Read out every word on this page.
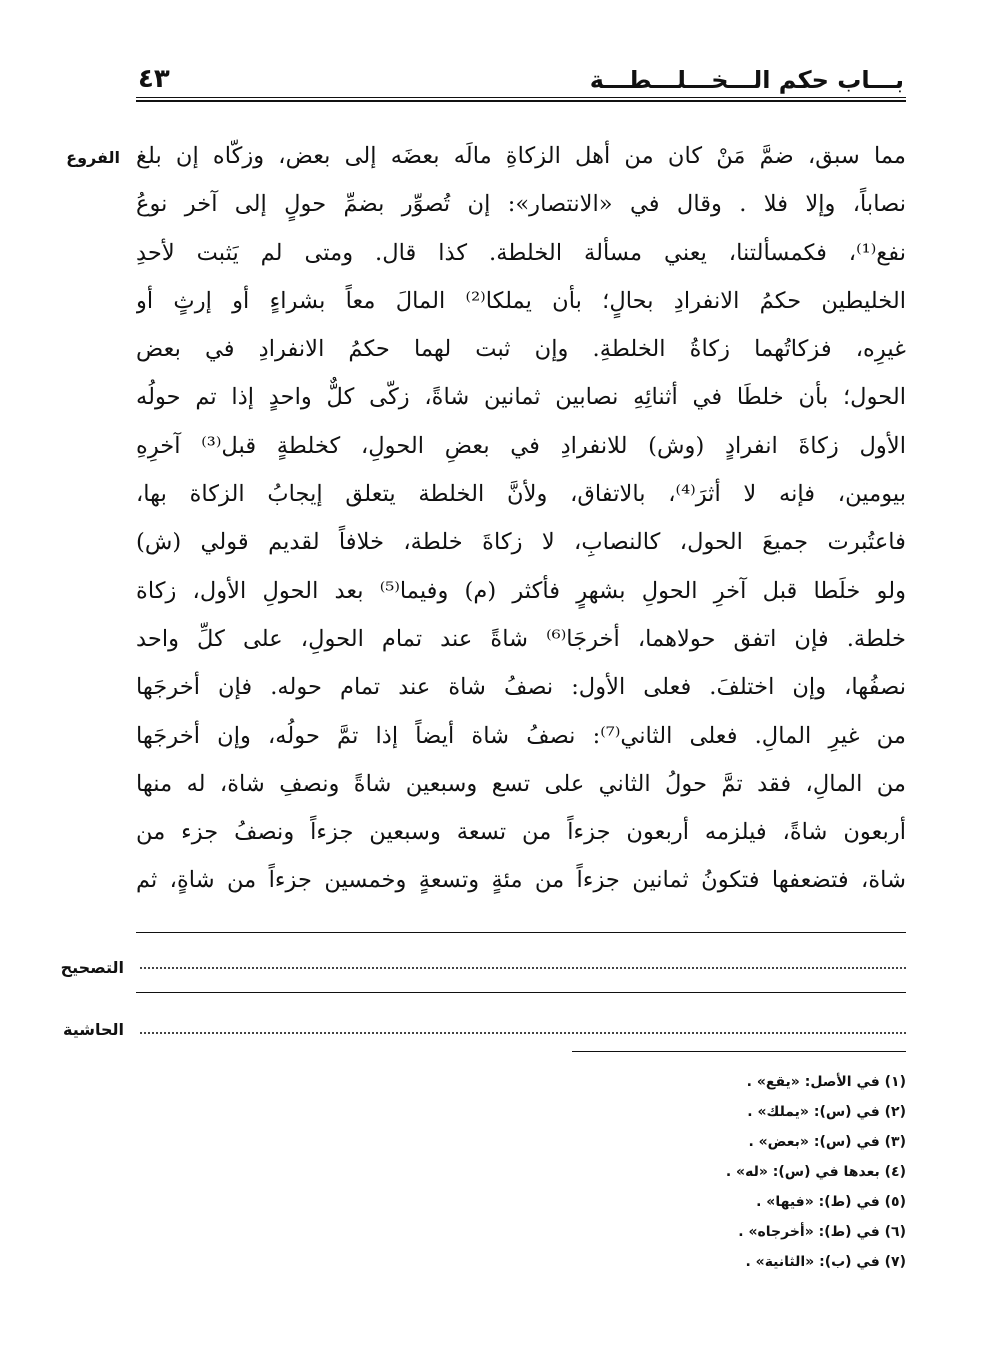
بـــاب حكم الـــخـــلـــطـــة
٤٣
الفروع مما سبق، ضمَّ مَنْ كان من أهل الزكاةِ مالَه بعضَه إلى بعض، وزكّاه إن بلغ
نصاباً، وإلا فلا . وقال في «الانتصار»: إن تُصوِّر بضمِّ حولٍ إلى آخر نوعُ
نفع⁽¹⁾، فكمسألتنا، يعني مسألة الخلطة. كذا قال. ومتى لم يَثبت لأحدِ
الخليطين حكمُ الانفرادِ بحالٍ؛ بأن يملكا⁽²⁾ المالَ معاً بشراءٍ أو إرثٍ أو
غيرِه، فزكاتُهما زكاةُ الخلطةِ. وإن ثبت لهما حكمُ الانفرادِ في بعض
الحول؛ بأن خلطَا في أثنائِهِ نصابين ثمانين شاةً، زكّى كلٌّ واحدٍ إذا تم حولُه
الأول زكاةَ انفرادٍ (وش) للانفرادِ في بعضِ الحولِ، كخلطةٍ قبل⁽³⁾ آخرِهِ
بيومين، فإنه لا أثرَ⁽⁴⁾، بالاتفاق، ولأنَّ الخلطة يتعلق إيجابُ الزكاة بها،
فاعتُبرت جميعَ الحول، كالنصابِ، لا زكاةَ خلطة، خلافاً لقديم قولي (ش)
ولو خلَطا قبل آخرِ الحولِ بشهرٍ فأكثر (م) وفيما⁽⁵⁾ بعد الحولِ الأول، زكاة
خلطة. فإن اتفق حولاهما، أخرجَا⁽⁶⁾ شاةً عند تمام الحولِ، على كلِّ واحد
نصفُها، وإن اختلفَ. فعلى الأول: نصفُ شاة عند تمام حوله. فإن أخرجَها
من غيرِ المالِ. فعلى الثاني⁽⁷⁾: نصفُ شاة أيضاً إذا تمَّ حولُه، وإن أخرجَها
من المالِ، فقد تمَّ حولُ الثاني على تسع وسبعين شاةً ونصفِ شاة، له منها
أربعون شاةً، فيلزمه أربعون جزءاً من تسعة وسبعين جزءاً ونصفُ جزء من
شاة، فتضعفها فتكونُ ثمانين جزءاً من مئةٍ وتسعةٍ وخمسين جزءاً من شاةٍ، ثم
التصحيح
الحاشية
(١) في الأصل: «يقع» .
(٢) في (س): «يملك» .
(٣) في (س): «بعض» .
(٤) بعدها في (س): «له» .
(٥) في (ط): «فيها» .
(٦) في (ط): «أخرجاه» .
(٧) في (ب): «الثانية» .
